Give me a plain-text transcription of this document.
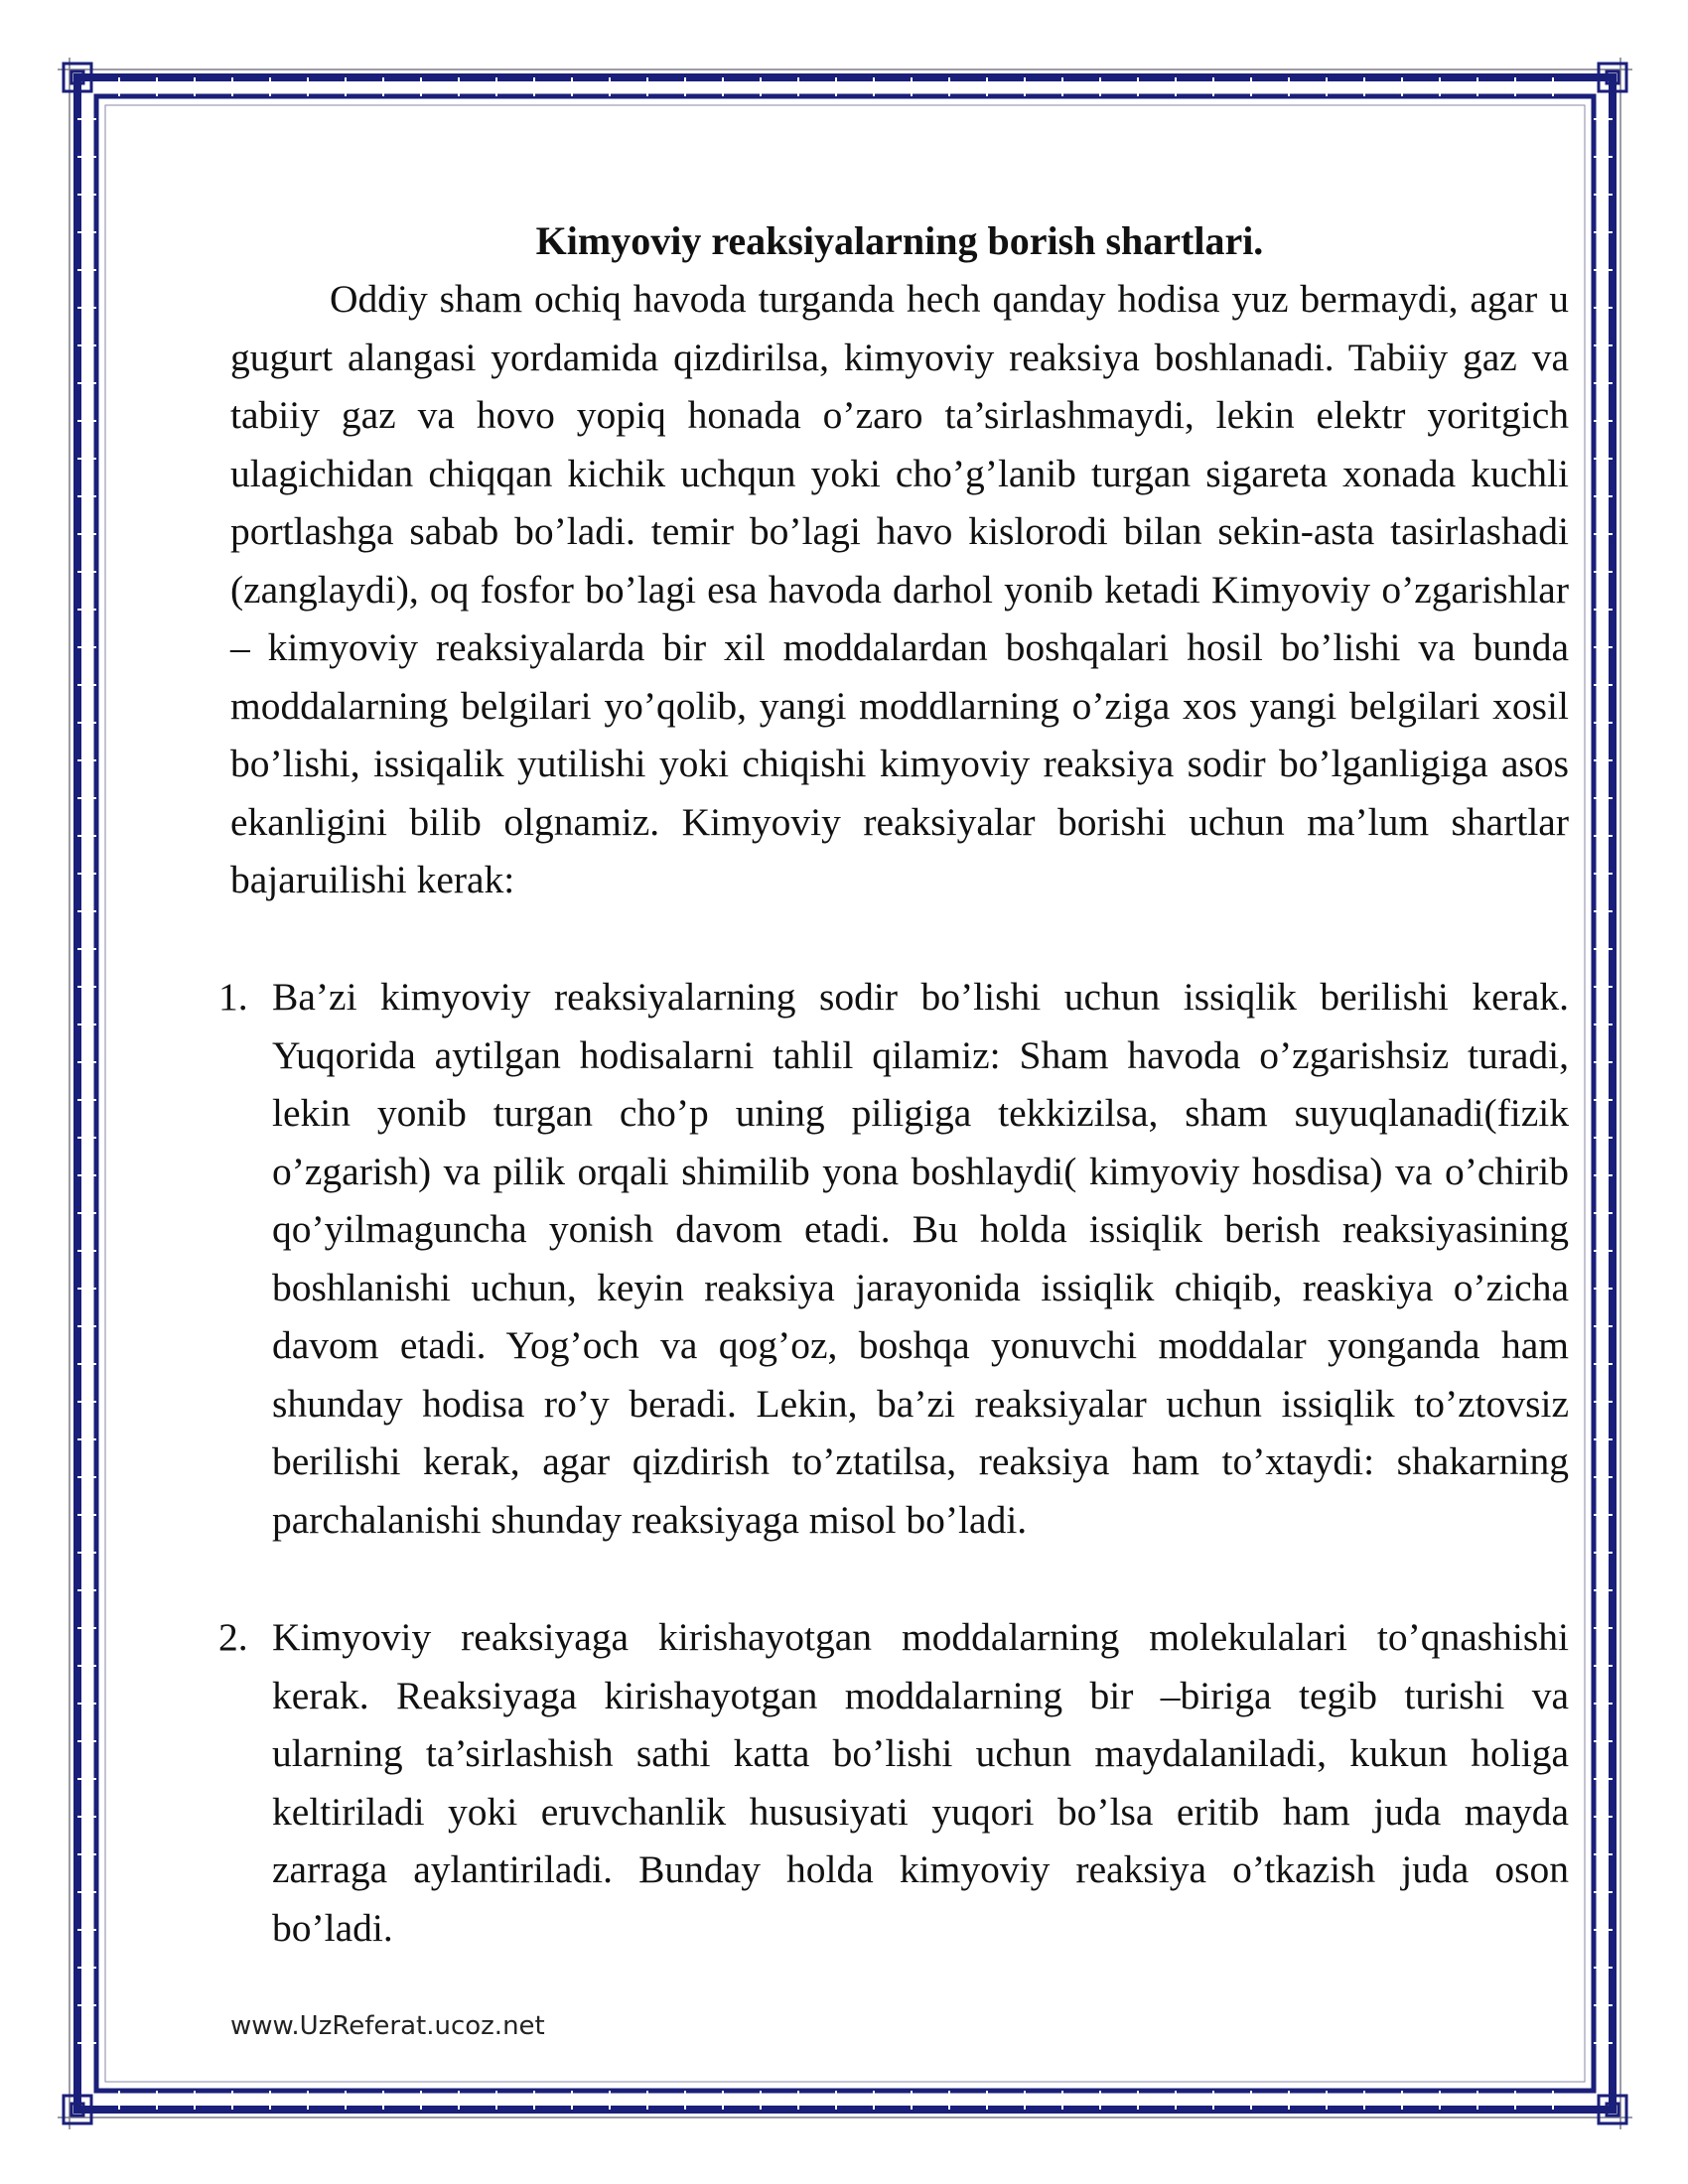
Kimyoviy reaksiyalarning borish shartlari.

Oddiy sham ochiq havoda turganda hech qanday hodisa yuz bermaydi, agar u gugurt alangasi yordamida qizdirilsa, kimyoviy reaksiya boshlanadi. Tabiiy gaz va tabiiy gaz va hovo yopiq honada o’zaro ta’sirlashmaydi, lekin elektr yoritgich ulagichidan chiqqan kichik uchqun yoki cho’g’lanib turgan sigareta xonada kuchli portlashga sabab bo’ladi. temir bo’lagi havo kislorodi bilan sekin-asta tasirlashadi (zanglaydi), oq fosfor bo’lagi esa havoda darhol yonib ketadi Kimyoviy o’zgarishlar – kimyoviy reaksiyalarda bir xil moddalardan boshqalari hosil bo’lishi va bunda moddalarning belgilari yo’qolib, yangi moddlarning o’ziga xos yangi belgilari xosil bo’lishi, issiqalik yutilishi yoki chiqishi kimyoviy reaksiya sodir bo’lganligiga asos ekanligini bilib olgnamiz. Kimyoviy reaksiyalar borishi uchun ma’lum shartlar bajaruilishi kerak:

1. Ba’zi kimyoviy reaksiyalarning sodir bo’lishi uchun issiqlik berilishi kerak. Yuqorida aytilgan hodisalarni tahlil qilamiz: Sham havoda o’zgarishsiz turadi, lekin yonib turgan cho’p uning piligiga tekkizilsa, sham suyuqlanadi(fizik o’zgarish) va pilik orqali shimilib yona boshlaydi( kimyoviy hosdisa) va o’chirib qo’yilmaguncha yonish davom etadi. Bu holda issiqlik berish reaksiyasining boshlanishi uchun, keyin reaksiya jarayonida issiqlik chiqib, reaskiya o’zicha davom etadi. Yog’och va qog’oz, boshqa yonuvchi moddalar yonganda ham shunday hodisa ro’y beradi. Lekin, ba’zi reaksiyalar uchun issiqlik to’ztovsiz berilishi kerak, agar qizdirish to’ztatilsa, reaksiya ham to’xtaydi: shakarning parchalanishi shunday reaksiyaga misol bo’ladi.
2. Kimyoviy reaksiyaga kirishayotgan moddalarning molekulalari to’qnashishi kerak. Reaksiyaga kirishayotgan moddalarning bir –biriga tegib turishi va ularning ta’sirlashish sathi katta bo’lishi uchun maydalaniladi, kukun holiga keltiriladi yoki eruvchanlik hususiyati yuqori bo’lsa eritib ham juda mayda zarraga aylantiriladi. Bunday holda kimyoviy reaksiya o’tkazish juda oson bo’ladi.
www.UzReferat.ucoz.net
